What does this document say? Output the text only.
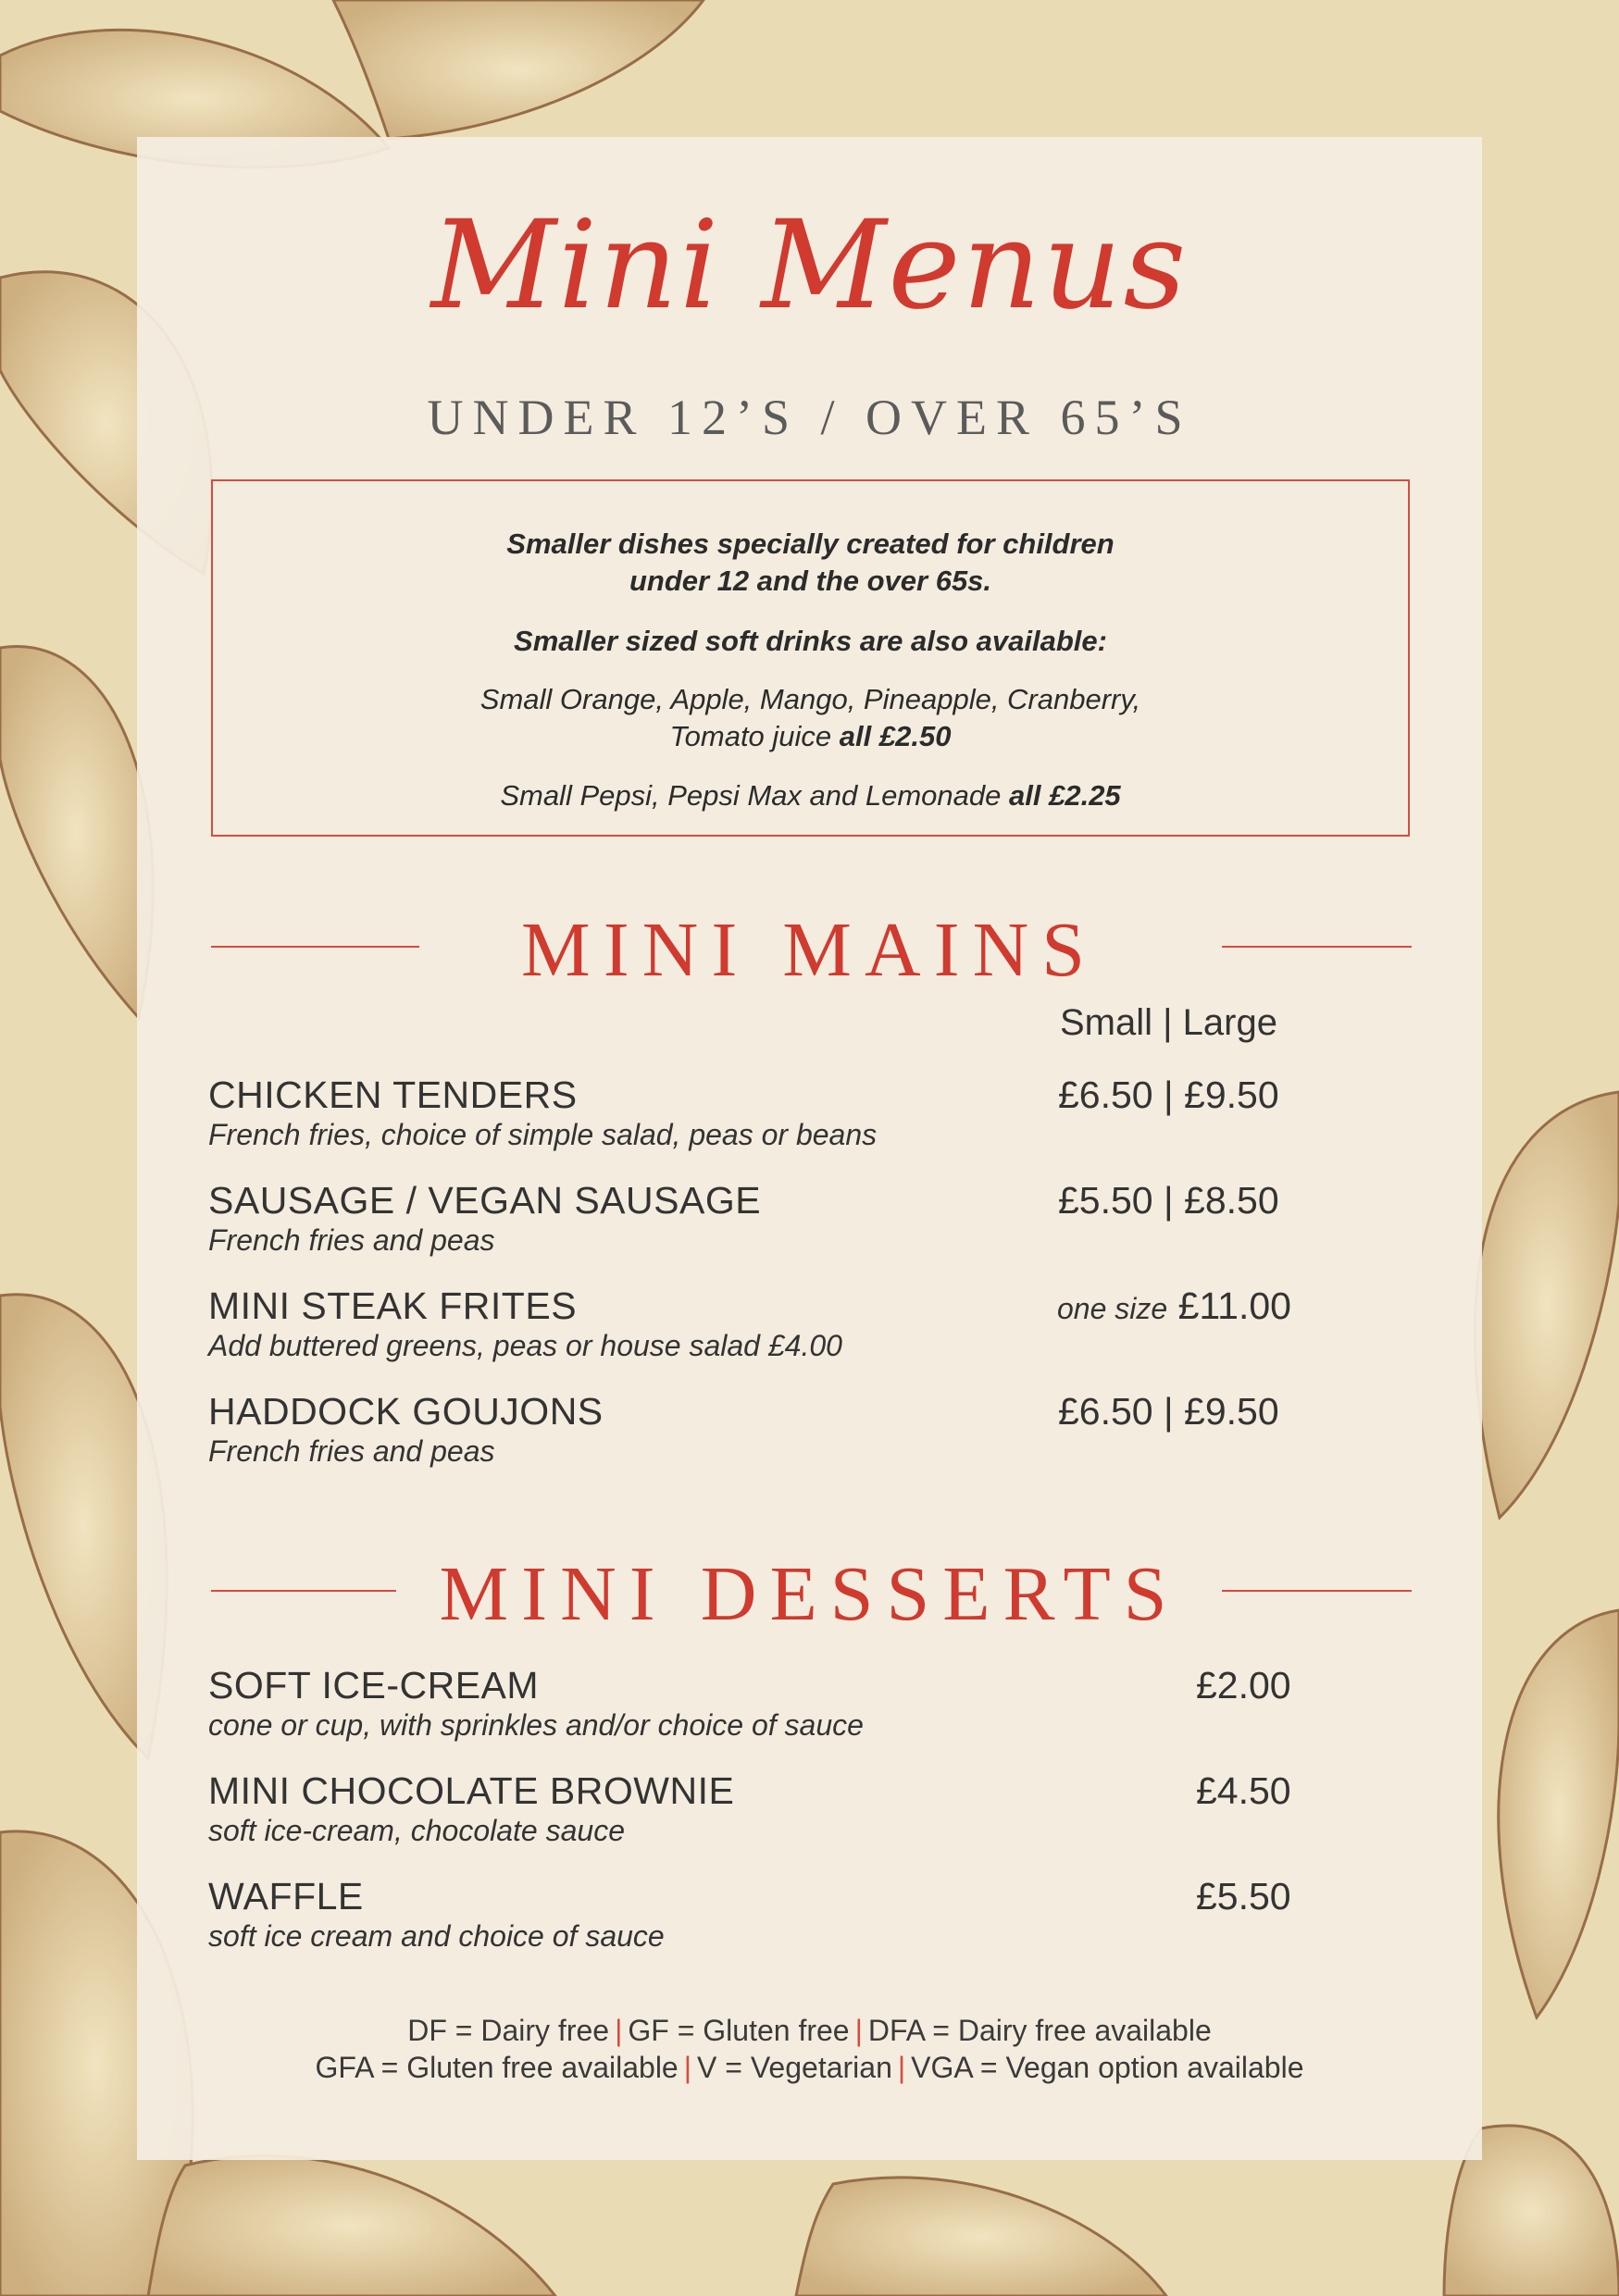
Mini Menus
UNDER 12’S / OVER 65’S

Smaller dishes specially created for children

under 12 and the over 65s.

Smaller sized soft drinks are also available:

Small Orange, Apple, Mango, Pineapple, Cranberry,

Tomato juice all £2.50

Small Pepsi, Pepsi Max and Lemonade all £2.25

MINI MAINS
Small | Large
CHICKEN TENDERS
French fries, choice of simple salad, peas or beans
£6.50 | £9.50
SAUSAGE / VEGAN SAUSAGE
French fries and peas
£5.50 | £8.50
MINI STEAK FRITES
Add buttered greens, peas or house salad £4.00
one size £11.00
HADDOCK GOUJONS
French fries and peas
£6.50 | £9.50
MINI DESSERTS
SOFT ICE-CREAM
cone or cup, with sprinkles and/or choice of sauce
£2.00
MINI CHOCOLATE BROWNIE
soft ice-cream, chocolate sauce
£4.50
WAFFLE
soft ice cream and choice of sauce
£5.50
DF = Dairy free | GF = Gluten free | DFA = Dairy free available
GFA = Gluten free available | V = Vegetarian | VGA = Vegan option available
